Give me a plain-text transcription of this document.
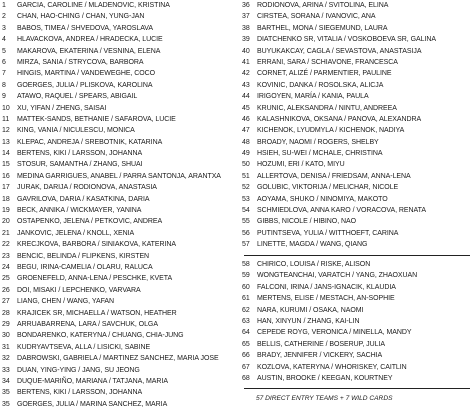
1	GARCIA, CAROLINE / MLADENOVIC, KRISTINA
2	CHAN, HAO-CHING / CHAN, YUNG-JAN
3	BABOS, TIMEA / SHVEDOVA, YAROSLAVA
4	HLAVACKOVA, ANDREA / HRADECKA, LUCIE
5	MAKAROVA, EKATERINA / VESNINA, ELENA
6	MIRZA, SANIA / STRYCOVA, BARBORA
7	HINGIS, MARTINA / VANDEWEGHE, COCO
8	GOERGES, JULIA / PLISKOVA, KAROLINA
9	ATAWO, RAQUEL / SPEARS, ABIGAIL
10	XU, YIFAN / ZHENG, SAISAI
11	MATTEK-SANDS, BETHANIE / SAFAROVA, LUCIE
12	KING, VANIA / NICULESCU, MONICA
13	KLEPAC, ANDREJA / SREBOTNIK, KATARINA
14	BERTENS, KIKI / LARSSON, JOHANNA
15	STOSUR, SAMANTHA / ZHANG, SHUAI
16	MEDINA GARRIGUES, ANABEL / PARRA SANTONJA, ARANTXA
17	JURAK, DARIJA / RODIONOVA, ANASTASIA
18	GAVRILOVA, DARIA / KASATKINA, DARIA
19	BECK, ANNIKA / WICKMAYER, YANINA
20	OSTAPENKO, JELENA / PETKOVIC, ANDREA
21	JANKOVIC, JELENA / KNOLL, XENIA
22	KRECJKOVA, BARBORA / SINIAKOVA, KATERINA
23	BENCIC, BELINDA / FLIPKENS, KIRSTEN
24	BEGU, IRINA-CAMELIA / OLARU, RALUCA
25	GROENEFELD, ANNA-LENA / PESCHKE, KVETA
26	DOI, MISAKI / LEPCHENKO, VARVARA
27	LIANG, CHEN / WANG, YAFAN
28	KRAJICEK SR, MICHAELLA / WATSON, HEATHER
29	ARRUABARRENA, LARA / SAVCHUK, OLGA
30	BONDARENKO, KATERYNA / CHUANG, CHIA-JUNG
31	KUDRYAVTSEVA, ALLA / LISICKI, SABINE
32	DABROWSKI, GABRIELA / MARTINEZ SANCHEZ, MARIA JOSE
33	DUAN, YING-YING / JANG, SU JEONG
34	DUQUE-MARIÑO, MARIANA / TATJANA, MARIA
35	BERTENS, KIKI / LARSSON, JOHANNA
35	GOERGES, JULIA / MARINA SANCHEZ, MARIA
36	RODIONOVA, ARINA / SVITOLINA, ELINA
37	CIRSTEA, SORANA / IVANOVIC, ANA
38	BARTHEL, MONA / SIEGEMUND, LAURA
39	DIATCHENKO SR, VITALIA / VOSKOBOEVA SR, GALINA
40	BUYUKAKCAY, CAGLA / SEVASTOVA, ANASTASIJA
41	ERRANI, SARA / SCHIAVONE, FRANCESCA
42	CORNET, ALIZÉ / PARMENTIER, PAULINE
43	KOVINIC, DANKA / ROSOLSKA, ALICJA
44	IRIGOYEN, MARÍA / KANIA, PAULA
45	KRUNIC, ALEKSANDRA / NINTU, ANDREEA
46	KALASHNIKOVA, OKSANA / PANOVA, ALEXANDRA
47	KICHENOK, LYUDMYLA / KICHENOK, NADIYA
48	BROADY, NAOMI / ROGERS, SHELBY
49	HSIEH, SU-WEI / MCHALE, CHRISTINA
50	HOZUMI, ERI / KATO, MIYU
51	ALLERTOVA, DENISA / FRIEDSAM, ANNA-LENA
52	GOLUBIC, VIKTORIJA / MELICHAR, NICOLE
53	AOYAMA, SHUKO / NINOMIYA, MAKOTO
54	SCHMIEDLOVA, ANNA KARO / VORACOVA, RENATA
55	GIBBS, NICOLE / HIBINO, NAO
56	PUTINTSEVA, YULIA / WITTHOEFT, CARINA
57	LINETTE, MAGDA / WANG, QIANG
58	CHIRICO, LOUISA / RISKE, ALISON
59	WONGTEANCHAI, VARATCH / YANG, ZHAOXUAN
60	FALCONI, IRINA / JANS-IGNACIK, KLAUDIA
61	MERTENS, ELISE / MESTACH, AN-SOPHIE
62	NARA, KURUMI / OSAKA, NAOMI
63	HAN, XINYUN / ZHANG, KAI-LIN
64	CEPEDE ROYG, VERONICA / MINELLA, MANDY
65	BELLIS, CATHERINE / BOSERUP, JULIA
66	BRADY, JENNIFER / VICKERY, SACHIA
67	KOZLOVA, KATERYNA / WHORISKEY, CAITLIN
68	AUSTIN, BROOKE / KEEGAN, KOURTNEY
57 DIRECT ENTRY TEAMS + 7 WILD CARDS
